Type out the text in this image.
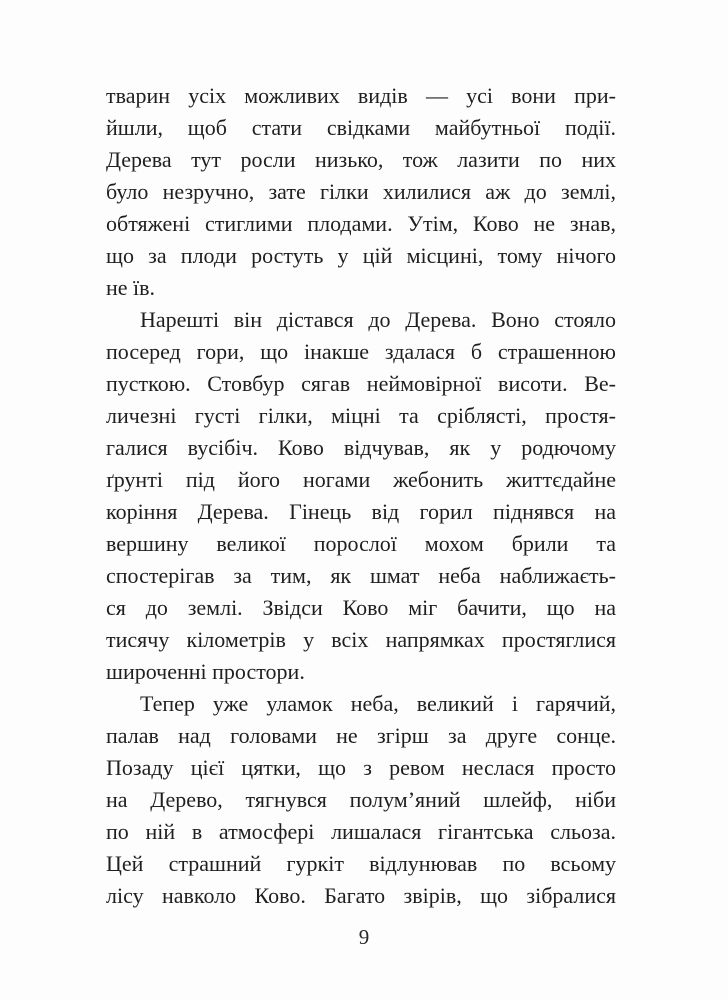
тварин усіх можливих видів — усі вони при-
йшли, щоб стати свідками майбутньої події.
Дерева тут росли низько, тож лазити по них
було незручно, зате гілки хилилися аж до землі,
обтяжені стиглими плодами. Утім, Ково не знав,
що за плоди ростуть у цій місцині, тому нічого
не їв.

Нарешті він дістався до Дерева. Воно стояло
посеред гори, що інакше здалася б страшенною
пусткою. Стовбур сягав неймовірної висоти. Ве-
личезні густі гілки, міцні та сріблясті, простя-
галися вусібіч. Ково відчував, як у родючому
ґрунті під його ногами жебонить життєдайне
коріння Дерева. Гінець від горил піднявся на
вершину великої порослої мохом брили та
спостерігав за тим, як шмат неба наближаєть-
ся до землі. Звідси Ково міг бачити, що на
тисячу кілометрів у всіх напрямках простяглися
широченні простори.

Тепер уже уламок неба, великий і гарячий,
палав над головами не згірш за друге сонце.
Позаду цієї цятки, що з ревом неслася просто
на Дерево, тягнувся полум’яний шлейф, ніби
по ній в атмосфері лишалася гігантська сльоза.
Цей страшний гуркіт відлунював по всьому
лісу навколо Ково. Багато звірів, що зібралися

9
